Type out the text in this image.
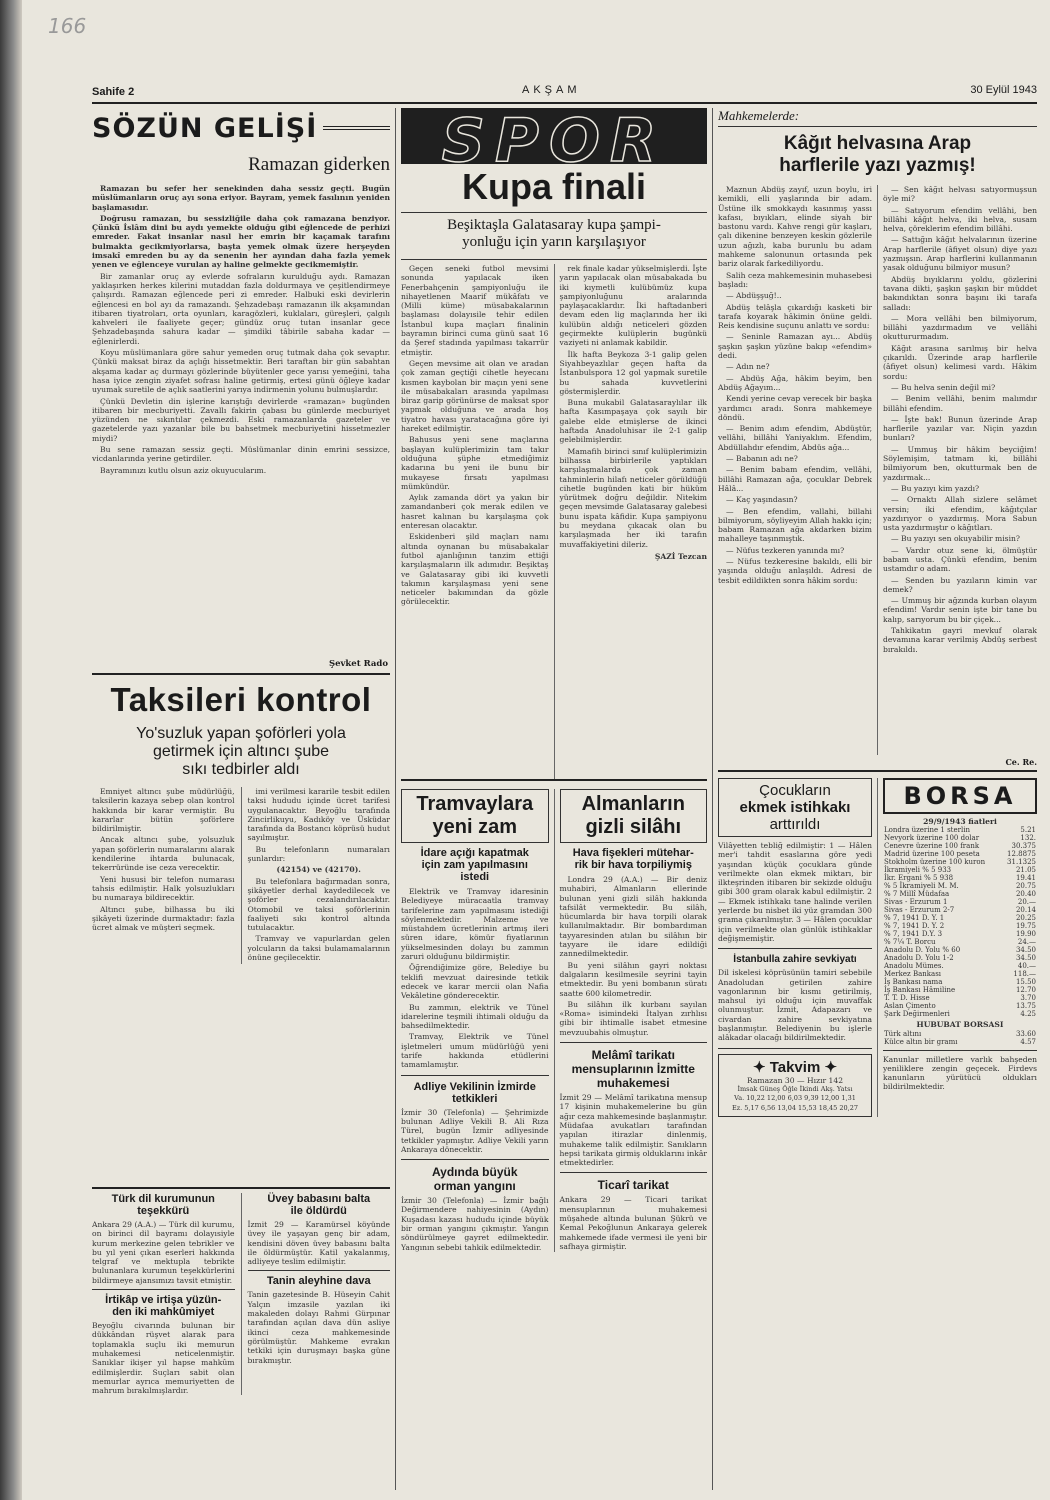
166
Sahife 2	AKŞAM	30 Eylül 1943
SÖZÜN GELİŞİ
Ramazan giderken

Ramazan bu sefer her senekinden daha sessiz geçti. Bugün müslümanların oruç ayı sona eriyor. Bayram, yemek fasılının yeniden başlamasıdır.

Doğrusu ramazan, bu sessizliğile daha çok ramazana benziyor. Çünkü İslâm dini bu aydı yemekte olduğu gibi eğlencede de perhizi emreder. Fakat insanlar nasıl her emrin bir kaçamak tarafını bulmakta gecikmiyorlarsa, başta yemek olmak üzere herşeyden imsakî emreden bu ay da senenin her ayından daha fazla yemek yenen ve eğlenceye vurulan ay haline gelmekte gecikmemiştir.

Bir zamanlar oruç ay evlerde sofraların kurulduğu aydı. Ramazan yaklaşırken herkes kilerini mutaddan fazla doldurmaya ve çeşitlendirmeye çalışırdı. Ramazan eğlencede peri zi emreder. Halbuki eski devirlerin eğlencesi en bol ayı da ramazandı. Şehzadebaşı ramazanın ilk akşamından itibaren tiyatroları, orta oyunları, karagözleri, kuklaları, güreşleri, çalgılı kahveleri ile faaliyete geçer; gündüz oruç tutan insanlar gece Şehzadebaşında sahura kadar — şimdiki tâbirile sabaha kadar — eğlenirlerdi.

Koyu müslümanlara göre sahur yemeden oruç tutmak daha çok sevaptır. Çünkü maksat biraz da açlığı hissetmektir. Beri taraftan bir gün sabahtan akşama kadar aç durmayı gözlerinde büyütenler gece yarısı yemeğini, taha hasa iyice zengin ziyafet sofrası haline getirmiş, ertesi günü öğleye kadar uyumak suretile de açlık saatlerini yarıya indirmenin yolunu bulmuşlardır.

Çünkü Devletin din işlerine karıştığı devirlerde «ramazan» bugünden itibaren bir mecburiyetti. Zavallı fakirin çabası bu günlerde mecburiyet yüzünden ne sıkıntılar çekmezdi. Eski ramazanlarda gazeteler ve gazetelerde yazı yazanlar bile bu bahsetmek mecburiyetini hissetmezler miydi?

Bu sene ramazan sessiz geçti. Müslümanlar dinin emrini sessizce, vicdanlarında yerine getirdiler.

Bayramınızı kutlu olsun aziz okuyucularım.

Şevket Rado
Taksileri kontrol
Yo'suzluk yapan şoförleri yola
getirmek için altıncı şube
sıkı tedbirler aldı

Emniyet altıncı şube müdürlüğü, taksilerin kazaya sebep olan kontrol hakkında bir karar vermiştir. Bu kararlar bütün şoförlere bildirilmiştir.

Ancak altıncı şube, yolsuzluk yapan şoförlerin numaralarını alarak kendilerine ihtarda bulunacak, tekerrüründe ise ceza verecektir.

Yeni hususi bir telefon numarası tahsis edilmiştir. Halk yolsuzlukları bu numaraya bildirecektir.

Altıncı şube, bilhassa bu iki şikâyeti üzerinde durmaktadır: fazla ücret almak ve müşteri seçmek.

imi verilmesi kararile tesbit edilen taksi hududu içinde ücret tarifesi uygulanacaktır. Beyoğlu tarafında Zincirlikuyu, Kadıköy ve Üsküdar tarafında da Bostancı köprüsü hudut sayılmıştır.

Bu telefonların numaraları şunlardır:

(42154) ve (42170).

Bu telefonlara bağırmadan sonra, şikâyetler derhal kaydedilecek ve şoförler cezalandırılacaktır. Otomobil ve taksi şoförlerinin faaliyeti sıkı kontrol altında tutulacaktır.

Tramvay ve vapurlardan gelen yolcuların da taksi bulamamalarının önüne geçilecektir.

Türk dil kurumunun
teşekkürü
Ankara 29 (A.A.) — Türk dil kurumu, on birinci dil bayramı dolayısiyle kurum merkezine gelen tebrikler ve bu yıl yeni çıkan eserleri hakkında telgraf ve mektupla tebrikte bulunanlara kurumun teşekkürlerini bildirmeye ajansımızı tavsit etmiştir.
İrtikâp ve irtişa yüzün-
den iki mahkûmiyet
Beyoğlu civarında bulunan bir dükkândan rüşvet alarak para toplamakla suçlu iki memurun muhakemesi neticelenmiştir. Sanıklar ikişer yıl hapse mahkûm edilmişlerdir. Suçları sabit olan memurlar ayrıca memuriyetten de mahrum bırakılmışlardır.
Üvey babasını balta
ile öldürdü
İzmit 29 — Karamürsel köyünde üvey ile yaşayan genç bir adam, kendisini döven üvey babasını balta ile öldürmüştür. Katil yakalanmış, adliyeye teslim edilmiştir.
Tanin aleyhine dava
Tanin gazetesinde B. Hüseyin Cahit Yalçın imzasile yazılan iki makaleden dolayı Rahmi Gürpınar tarafından açılan dava dün asliye ikinci ceza mahkemesinde görülmüştür. Mahkeme evrakın tetkiki için duruşmayı başka güne bırakmıştır.
SPOR
Kupa finali
Beşiktaşla Galatasaray kupa şampi-
yonluğu için yarın karşılaşıyor

Geçen seneki futbol mevsimi sonunda yapılacak iken Fenerbahçenin şampiyonluğu ile nihayetlenen Maarif mükâfatı ve (Milli küme) müsabakalarının başlaması dolayısile tehir edilen İstanbul kupa maçları finalinin bayramın birinci cuma günü saat 16 da Şeref stadında yapılması takarrür etmiştir.

Geçen mevsime ait olan ve aradan çok zaman geçtiği cihetle heyecanı kısmen kaybolan bir maçın yeni sene ile müsabakaları arasında yapılması biraz garip görünürse de maksat spor yapmak olduğuna ve arada hoş tiyatro havası yaratacağına göre iyi hareket edilmiştir.

Bahusus yeni sene maçlarına başlayan kulüplerimizin tam takır olduğuna şüphe etmediğimiz kadarına bu yeni ile bunu bir mukayese fırsatı yapılması mümkündür.

Aylık zamanda dört ya yakın bir zamandanberi çok merak edilen ve hasret kalınan bu karşılaşma çok enteresan olacaktır.

Eskidenberi şild maçları namı altında oynanan bu müsabakalar futbol ajanlığının tanzim ettiği karşılaşmaların ilk adımıdır. Beşiktaş ve Galatasaray gibi iki kuvvetli takımın karşılaşması yeni sene neticeler bakımından da gözle görülecektir.

rek finale kadar yükselmişlerdi. İşte yarın yapılacak olan müsabakada bu iki kıymetli kulübümüz kupa şampiyonluğunu aralarında paylaşacaklardır. İki haftadanberi devam eden lig maçlarında her iki kulübün aldığı neticeleri gözden geçirmekte kulüplerin bugünkü vaziyeti ni anlamak kabildir.

İlk hafta Beykoza 3-1 galip gelen Siyahbeyazlılar geçen hafta da İstanbulspora 12 gol yapmak suretile bu sahada kuvvetlerini göstermişlerdir.

Buna mukabil Galatasaraylılar ilk hafta Kasımpaşaya çok sayılı bir galebe elde etmişlerse de ikinci haftada Anadoluhisar ile 2-1 galip gelebilmişlerdir.

Mamafih birinci sınıf kulüplerimizin bilhassa birbirlerile yaptıkları karşılaşmalarda çok zaman tahminlerin hilafı neticeler görüldüğü cihetle bugünden kati bir hüküm yürütmek doğru değildir. Nitekim geçen mevsimde Galatasaray galebesi bunu ispata kâfidir. Kupa şampiyonu bu meydana çıkacak olan bu karşılaşmada her iki tarafın muvaffakiyetini dileriz.

ŞAZİ Tezcan
Tramvaylara
yeni zam
İdare açığı kapatmak
için zam yapılmasını
istedi

Elektrik ve Tramvay idaresinin Belediyeye müracaatla tramvay tarifelerine zam yapılmasını istediği söylenmektedir. Malzeme ve müstahdem ücretlerinin artmış ileri süren idare, kömür fiyatlarının yükselmesinden dolayı bu zammın zaruri olduğunu bildirmiştir.

Öğrendiğimize göre, Belediye bu teklifi mevzuat dairesinde tetkik edecek ve karar mercii olan Nafia Vekâletine gönderecektir.

Bu zammın, elektrik ve Tünel idarelerine teşmili ihtimali olduğu da bahsedilmektedir.

Tramvay, Elektrik ve Tünel işletmeleri umum müdürlüğü yeni tarife hakkında etüdlerini tamamlamıştır.

Adliye Vekilinin İzmirde
tetkikleri
İzmir 30 (Telefonla) — Şehrimizde bulunan Adliye Vekili B. Ali Rıza Türel, bugün İzmir adliyesinde tetkikler yapmıştır. Adliye Vekili yarın Ankaraya dönecektir.
Aydında büyük
orman yangını
İzmir 30 (Telefonla) — İzmir bağlı Değirmendere nahiyesinin (Aydın) Kuşadası kazası hududu içinde büyük bir orman yangını çıkmıştır. Yangın söndürülmeye gayret edilmektedir. Yangının sebebi tahkik edilmektedir.
Almanların
gizli silâhı
Hava fişekleri mütehar-
rik bir hava torpiliymiş

Londra 29 (A.A.) — Bir deniz muhabiri, Almanların ellerinde bulunan yeni gizli silâh hakkında tafsilât vermektedir. Bu silâh, hücumlarda bir hava torpili olarak kullanılmaktadır. Bir bombardıman tayyaresinden atılan bu silâhın bir tayyare ile idare edildiği zannedilmektedir.

Bu yeni silâhın gayri noktası dalgaların kesilmesile seyrini tayin etmektedir. Bu yeni bombanın süratı saatte 600 kilometredir.

Bu silâhın ilk kurbanı sayılan «Roma» isimindeki İtalyan zırhlısı gibi bir ihtimalle isabet etmesine mevzuubahis olmuştur.

Melâmî tarikatı
mensuplarının İzmitte
muhakemesi
İzmit 29 — Melâmî tarikatına mensup 17 kişinin muhakemelerine bu gün ağır ceza mahkemesinde başlanmıştır. Müdafaa avukatları tarafından yapılan itirazlar dinlenmiş, muhakeme talik edilmiştir. Sanıkların hepsi tarikata girmiş olduklarını inkâr etmektedirler.
Ticarî tarikat
Ankara 29 — Ticari tarikat mensuplarının muhakemesi müşahede altında bulunan Şükrü ve Kemal Pekoğlunun Ankaraya gelerek mahkemede ifade vermesi ile yeni bir safhaya girmiştir.
Mahkemelerde:
Kâğıt helvasına Arap
harflerile yazı yazmış!

Maznun Abdüş zayıf, uzun boylu, iri kemikli, elli yaşlarında bir adam. Üstüne ilk smokkaydı kasınmış yassı kafası, bıyıkları, elinde siyah bir bastonu vardı. Kahve rengi gür kaşları, çalı dikenine benzeyen keskin gözlerile uzun ağızlı, kaba burunlu bu adam mahkeme salonunun ortasında pek bariz olarak farkediliyordu.

Salih ceza mahkemesinin muhasebesi başladı:

— Abdüşşuğ!..

Abdüş telâşla çıkardığı kasketi bir tarafa koyarak hâkimin önüne geldi. Reis kendisine suçunu anlattı ve sordu:

— Seninle Ramazan ayı... Abdüş şaşkın şaşkın yüzüne bakıp «efendim» dedi.

— Adın ne?

— Abdüş Ağa, hâkim beyim, ben Abdüş Ağayım...

Kendi yerine cevap verecek bir başka yardımcı aradı. Sonra mahkemeye döndü.

— Benim adım efendim, Abdüştür, vellâhi, billâhi Yaniyaklım. Efendim, Abdüllahdır efendim, Abdüs ağa...

— Babanın adı ne?

— Benim babam efendim, vellâhi, billâhi Ramazan ağa, çocuklar Debrek Hâlâ...

— Kaç yaşındasın?

— Ben efendim, vallahi, billahi bilmiyorum, söyliyeyim Allah hakkı için; babam Ramazan ağa akdarken bizim mahalleye taşınmıştık.

— Nüfus tezkeren yanında mı?

— Nüfus tezkeresine bakıldı, elli bir yaşında olduğu anlaşıldı. Adresi de tesbit edildikten sonra hâkim sordu:

— Sen kâğıt helvası satıyormuşsun öyle mi?

— Satıyorum efendim vellâhi, ben billâhi kâğıt helva, iki helva, susam helva, çöreklerim efendim billâhi.

— Sattığın kâğıt helvalarının üzerine Arap harflerile (âfiyet olsun) diye yazı yazmışsın. Arap harflerini kullanmanın yasak olduğunu bilmiyor musun?

Abdüş bıyıklarını yoldu, gözlerini tavana dikti, şaşkın şaşkın bir müddet bakındıktan sonra başını iki tarafa salladı:

— Mora vellâhi ben bilmiyorum, billâhi yazdırmadım ve vellâhi okuttururmadım.

Kâğıt arasına sarılmış bir helva çıkarıldı. Üzerinde arap harflerile (âfiyet olsun) kelimesi vardı. Hâkim sordu:

— Bu helva senin değil mi?

— Benim vellâhi, benim malımdır billâhi efendim.

— İşte bak! Bunun üzerinde Arap harflerile yazılar var. Niçin yazdın bunları?

— Ummuş bir hâkim beyciğim! Söylemişim, tatmam ki, billâhi bilmiyorum ben, okutturmak ben de yazdırmak...

— Bu yazıyı kim yazdı?

— Ornaktı Allah sizlere selâmet versin; iki efendim, kâğıtçılar yazdırıyor o yazdırmış. Mora Sabun usta yazdırmıştır o kâğıtları.

— Bu yazıyı sen okuyabilir misin?

— Vardır otuz sene ki, ölmüştür babam usta. Çünkü efendim, benim ustamdır o adam.

— Senden bu yazıların kimin var demek?

— Ummuş bir ağzında kurban olayım efendim! Vardır senin işte bir tane bu kalıp, sarıyorum bu bir çiçek...

Tahkikatın gayri mevkuf olarak devamına karar verilmiş Abdüş serbest bırakıldı.

Ce. Re.
Çocukların
ekmek istihkakı
arttırıldı
Vilâyetten tebliğ edilmiştir: 1 — Hâlen mer'i tahdit esaslarına göre yedi yaşından küçük çocuklara günde verilmekte olan ekmek miktarı, bir ilkteşrinden itibaren bir sekizde olduğu gibi 300 gram olarak kabul edilmiştir. 2 — Ekmek istihkakı tane halinde verilen yerlerde bu nisbet iki yüz gramdan 300 grama çıkarılmıştır. 3 — Hâlen çocuklar için verilmekte olan günlük istihkaklar değişmemiştir.
İstanbulla zahire sevkiyatı
Dil iskelesi köprüsünün tamiri sebebile Anadoludan getirilen zahire vagonlarının bir kısmı getirilmiş, mahsul iyi olduğu için muvaffak olunmuştur. İzmit, Adapazarı ve civardan zahire sevkiyatına başlanmıştır. Belediyenin bu işlerle alâkadar olacağı bildirilmektedir.
✦ Takvim ✦
Ramazan 30 — Hızır 142
İmsak Güneş Öğle İkindi Akş. Yatsı
Va. 10,22 12,00 6,03 9,39 12,00 1,31
Ez. 5,17 6,56 13,04 15,53 18,45 20,27
BORSA
29/9/1943 fiatleri
Londra üzerine 1 sterlin	5.21
Nevyork üzerine 100 dolar	132.
Cenevre üzerine 100 frank	30.375
Madrid üzerine 100 peseta	12.8875
Stokholm üzerine 100 kuron	31.1325
İkramiyeli % 5 933	21.05
İkr. Ergani % 5 938	19.41
% 5 İkramiyeli M. M.	20.75
% 7 Millî Müdafaa	20.40
Sivas - Erzurum 1	20.—
Sivas - Erzurum 2-7	20.14
% 7, 1941 D. Y. 1	20.25
% 7, 1941 D. Y. 2	19.75
% 7, 1941 D.Y. 3	19.90
% 7¼ T. Borcu	24.—
Anadolu D. Yolu % 60	34.50
Anadolu D. Yolu 1-2	34.50
Anadolu Mümes.	40.—
Merkez Bankası	118.—
İş Bankası nama	15.50
İş Bankası Hâmiline	12.70
T. T. D. Hisse	3.70
Aslan Çimento	13.75
Şark Değirmenleri	4.25
HUBUBAT BORSASI
Türk altını	33.60
Külce altın bir gramı	4.57
Kanunlar milletlere varlık bahşeden yeniliklere zengin geçecek. Firdevs kanunların yürütücü oldukları bildirilmektedir.
